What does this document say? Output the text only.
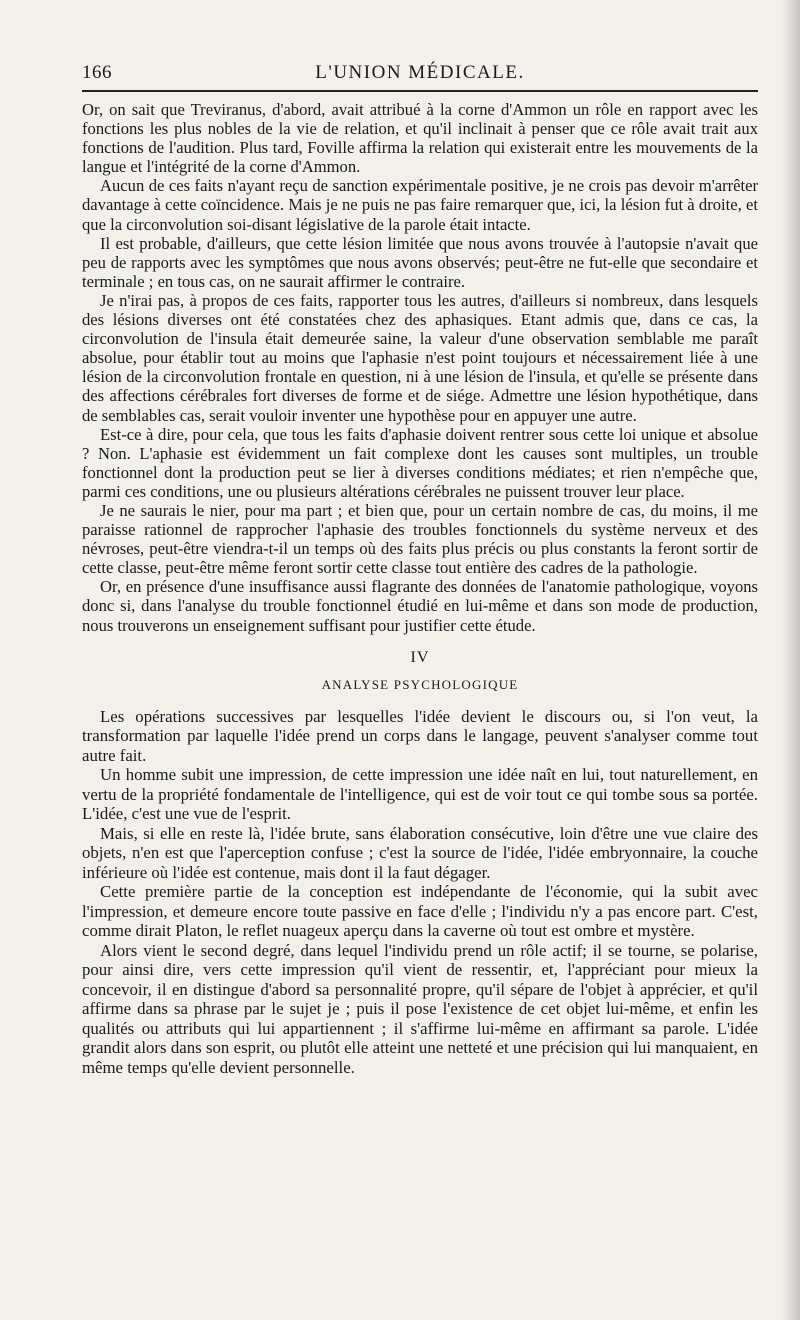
166	L'UNION MÉDICALE.

Or, on sait que Treviranus, d'abord, avait attribué à la corne d'Ammon un rôle en rapport avec les fonctions les plus nobles de la vie de relation, et qu'il inclinait à penser que ce rôle avait trait aux fonctions de l'audition. Plus tard, Foville affirma la relation qui existerait entre les mouvements de la langue et l'intégrité de la corne d'Ammon.

Aucun de ces faits n'ayant reçu de sanction expérimentale positive, je ne crois pas devoir m'arrêter davantage à cette coïncidence. Mais je ne puis ne pas faire remarquer que, ici, la lésion fut à droite, et que la circonvolution soi-disant législative de la parole était intacte.

Il est probable, d'ailleurs, que cette lésion limitée que nous avons trouvée à l'autopsie n'avait que peu de rapports avec les symptômes que nous avons observés; peut-être ne fut-elle que secondaire et terminale ; en tous cas, on ne saurait affirmer le contraire.

Je n'irai pas, à propos de ces faits, rapporter tous les autres, d'ailleurs si nombreux, dans lesquels des lésions diverses ont été constatées chez des aphasiques. Etant admis que, dans ce cas, la circonvolution de l'insula était demeurée saine, la valeur d'une observation semblable me paraît absolue, pour établir tout au moins que l'aphasie n'est point toujours et nécessairement liée à une lésion de la circonvolution frontale en question, ni à une lésion de l'insula, et qu'elle se présente dans des affections cérébrales fort diverses de forme et de siége. Admettre une lésion hypothétique, dans de semblables cas, serait vouloir inventer une hypothèse pour en appuyer une autre.

Est-ce à dire, pour cela, que tous les faits d'aphasie doivent rentrer sous cette loi unique et absolue ? Non. L'aphasie est évidemment un fait complexe dont les causes sont multiples, un trouble fonctionnel dont la production peut se lier à diverses conditions médiates; et rien n'empêche que, parmi ces conditions, une ou plusieurs altérations cérébrales ne puissent trouver leur place.

Je ne saurais le nier, pour ma part ; et bien que, pour un certain nombre de cas, du moins, il me paraisse rationnel de rapprocher l'aphasie des troubles fonctionnels du système nerveux et des névroses, peut-être viendra-t-il un temps où des faits plus précis ou plus constants la feront sortir de cette classe, peut-être même feront sortir cette classe tout entière des cadres de la pathologie.

Or, en présence d'une insuffisance aussi flagrante des données de l'anatomie pathologique, voyons donc si, dans l'analyse du trouble fonctionnel étudié en lui-même et dans son mode de production, nous trouverons un enseignement suffisant pour justifier cette étude.

IV
ANALYSE PSYCHOLOGIQUE

Les opérations successives par lesquelles l'idée devient le discours ou, si l'on veut, la transformation par laquelle l'idée prend un corps dans le langage, peuvent s'analyser comme tout autre fait.

Un homme subit une impression, de cette impression une idée naît en lui, tout naturellement, en vertu de la propriété fondamentale de l'intelligence, qui est de voir tout ce qui tombe sous sa portée. L'idée, c'est une vue de l'esprit.

Mais, si elle en reste là, l'idée brute, sans élaboration consécutive, loin d'être une vue claire des objets, n'en est que l'aperception confuse ; c'est la source de l'idée, l'idée embryonnaire, la couche inférieure où l'idée est contenue, mais dont il la faut dégager.

Cette première partie de la conception est indépendante de l'économie, qui la subit avec l'impression, et demeure encore toute passive en face d'elle ; l'individu n'y a pas encore part. C'est, comme dirait Platon, le reflet nuageux aperçu dans la caverne où tout est ombre et mystère.

Alors vient le second degré, dans lequel l'individu prend un rôle actif; il se tourne, se polarise, pour ainsi dire, vers cette impression qu'il vient de ressentir, et, l'appréciant pour mieux la concevoir, il en distingue d'abord sa personnalité propre, qu'il sépare de l'objet à apprécier, et qu'il affirme dans sa phrase par le sujet je ; puis il pose l'existence de cet objet lui-même, et enfin les qualités ou attributs qui lui appartiennent ; il s'affirme lui-même en affirmant sa parole. L'idée grandit alors dans son esprit, ou plutôt elle atteint une netteté et une précision qui lui manquaient, en même temps qu'elle devient personnelle.
